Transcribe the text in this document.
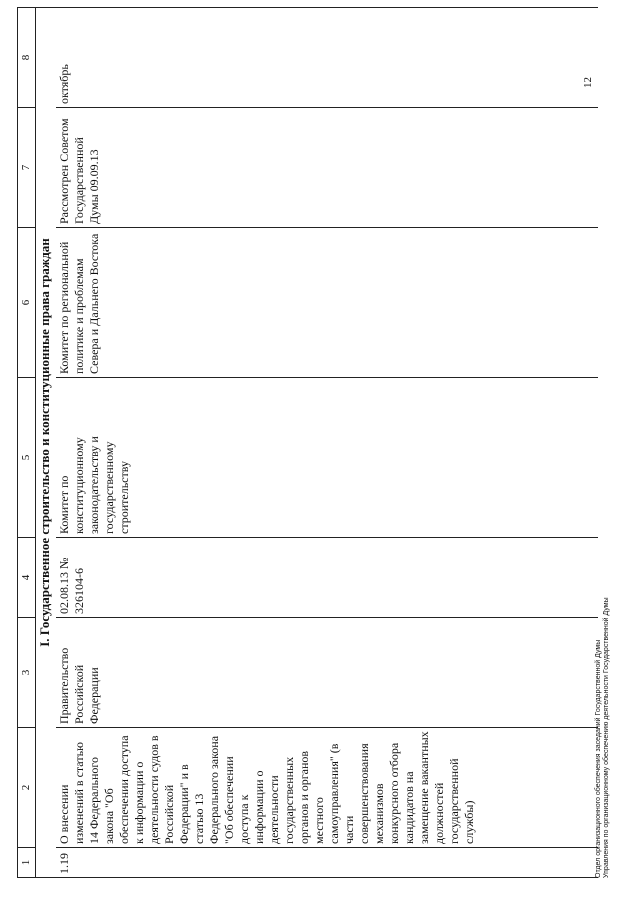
1	2	3	4	5	6	7	8
I. Государственное строительство и конституционные права граждан							
1.19	О внесении изменений в статью 14 Федерального закона "Об обеспечении доступа к информации о деятельности судов в Российской Федерации" и в статью 13 Федерального закона "Об обеспечении доступа к информации о деятельности государственных органов и органов местного самоуправления" (в части совершенствования механизмов конкурсного отбора кандидатов на замещение вакантных должностей государственной службы)	Правительство Российской Федерации	02.08.13 № 326104-6	Комитет по конституционному законодательству и государственному строительству	Комитет по региональной политике и проблемам Севера и Дальнего Востока	Рассмотрен Советом Государственной Думы 09.09.13	октябрь	12
Отдел организационного обеспечения заседаний Государственной Думы Управления по организационному обеспечению деятельности Государственной Думы
